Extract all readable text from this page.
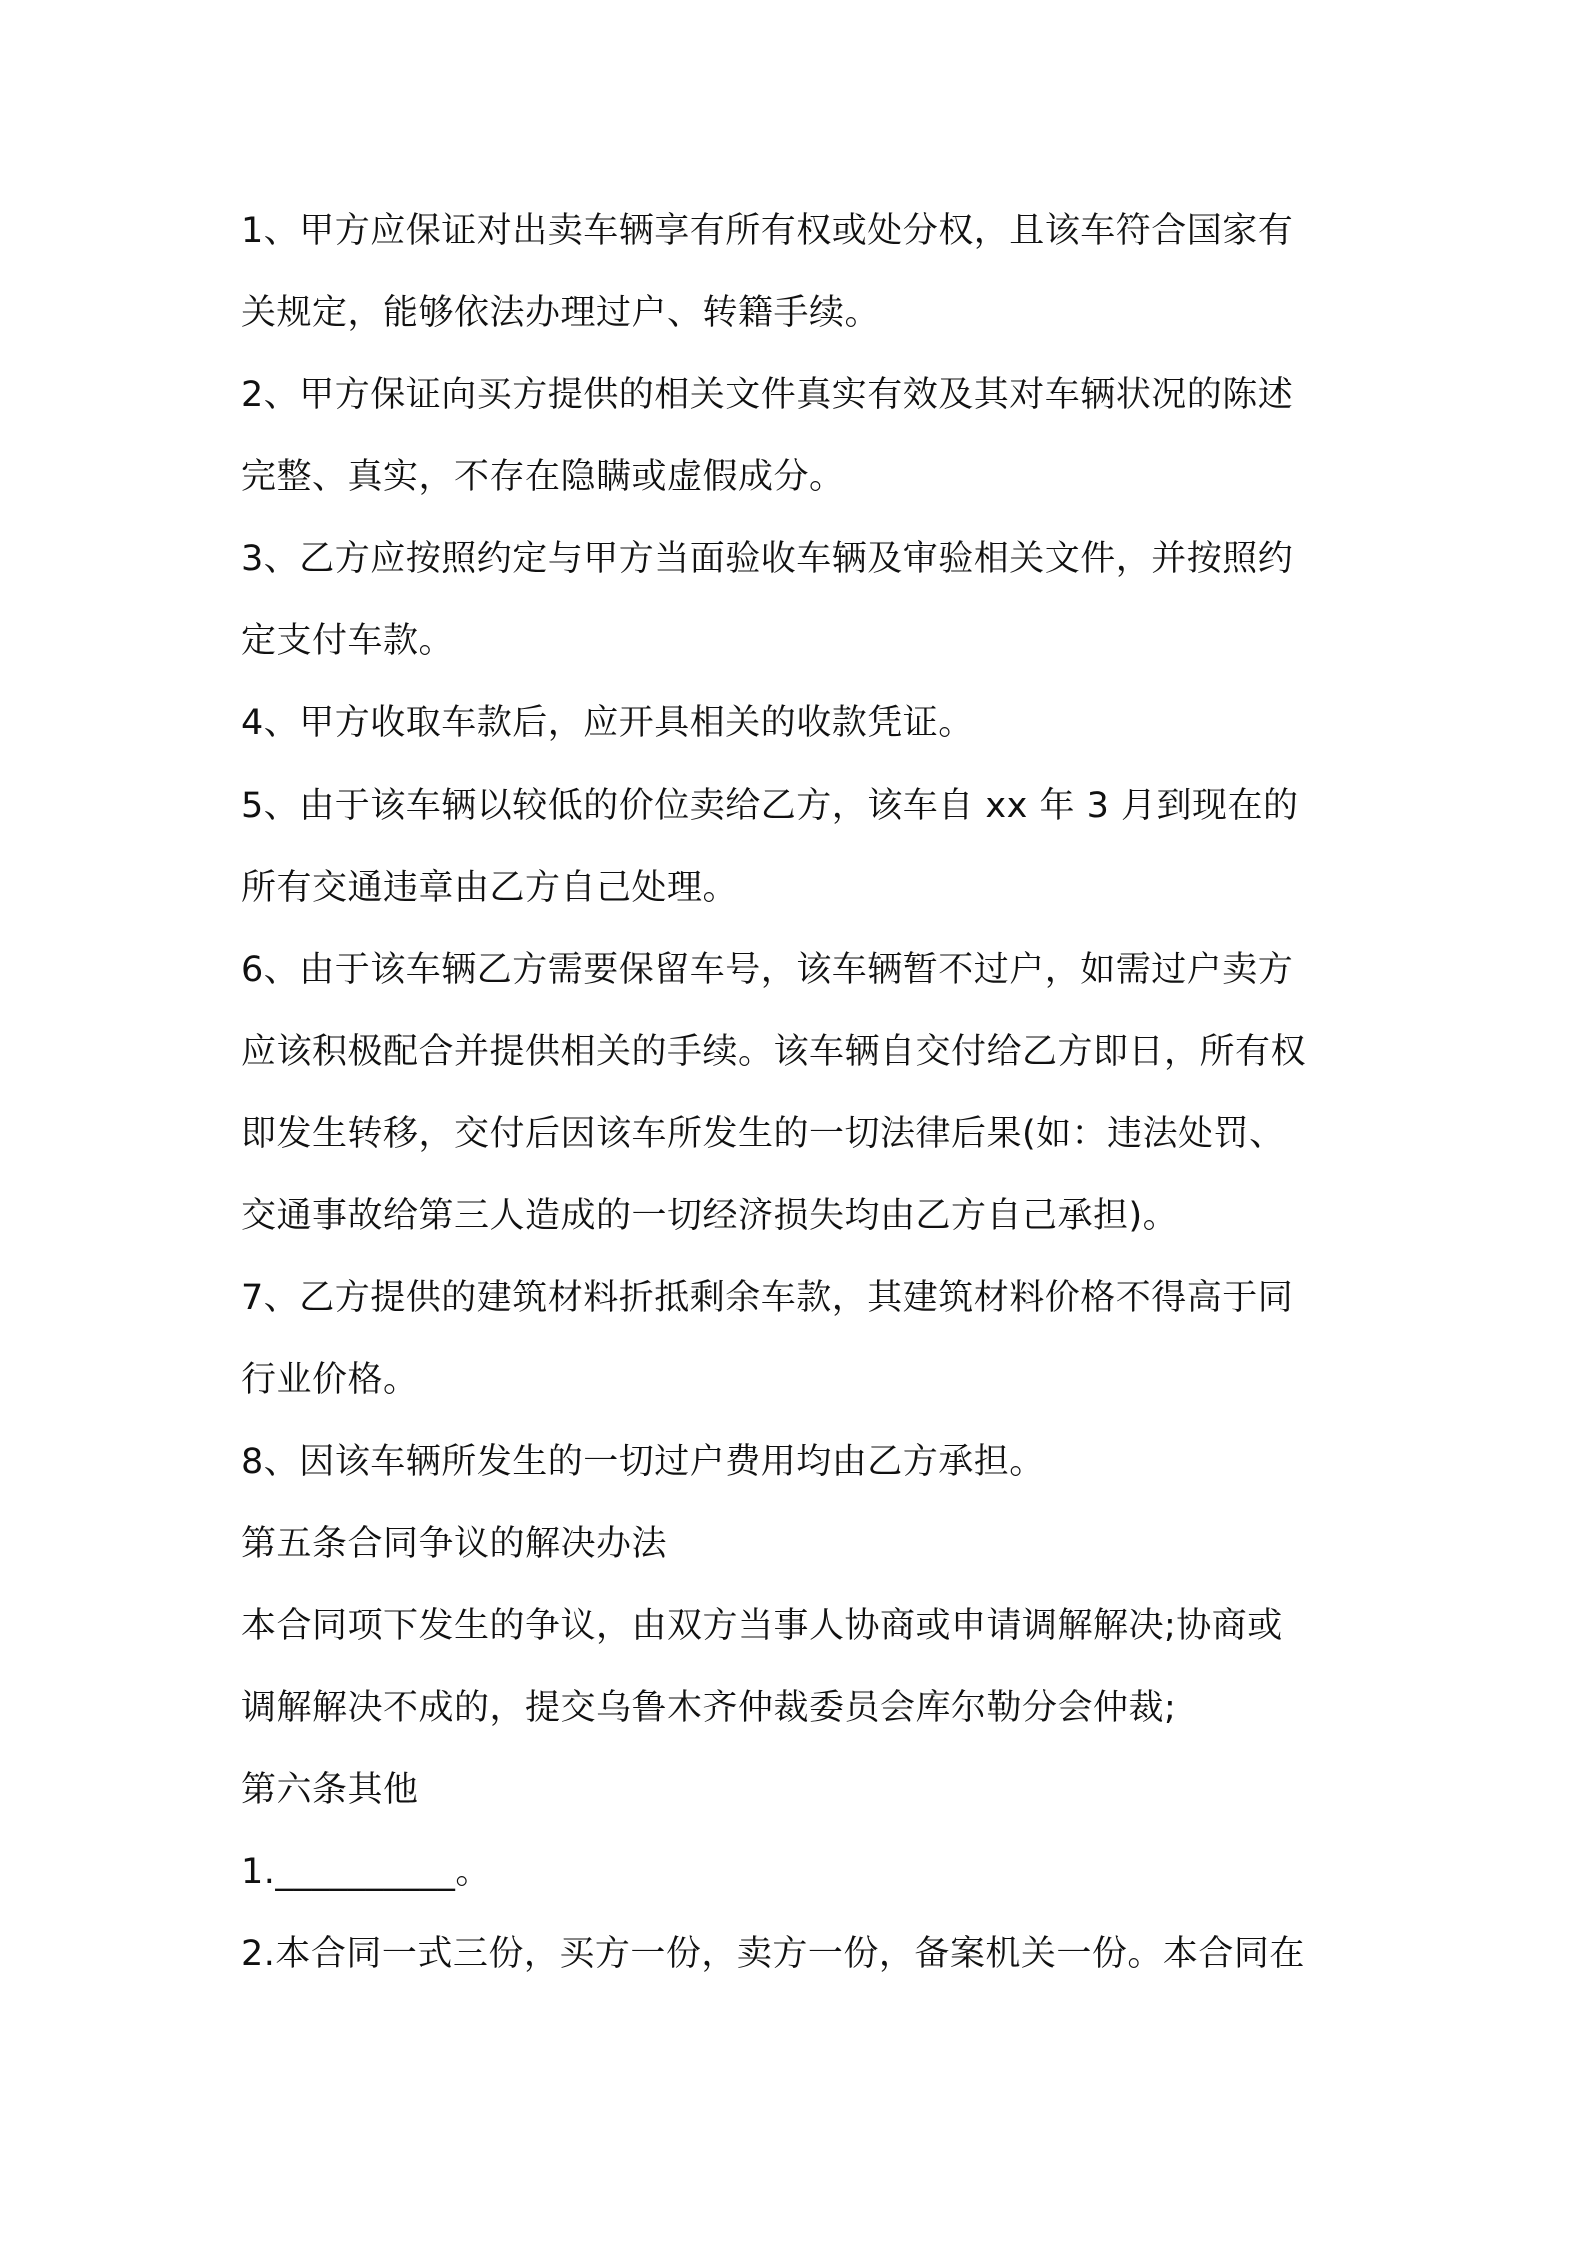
1、甲方应保证对出卖车辆享有所有权或处分权，且该车符合国家有
关规定，能够依法办理过户、转籍手续。
2、甲方保证向买方提供的相关文件真实有效及其对车辆状况的陈述
完整、真实，不存在隐瞒或虚假成分。
3、乙方应按照约定与甲方当面验收车辆及审验相关文件，并按照约
定支付车款。
4、甲方收取车款后，应开具相关的收款凭证。
5、由于该车辆以较低的价位卖给乙方，该车自 xx 年 3 月到现在的
所有交通违章由乙方自己处理。
6、由于该车辆乙方需要保留车号，该车辆暂不过户，如需过户卖方
应该积极配合并提供相关的手续。该车辆自交付给乙方即日，所有权
即发生转移，交付后因该车所发生的一切法律后果(如：违法处罚、
交通事故给第三人造成的一切经济损失均由乙方自己承担)。
7、乙方提供的建筑材料折抵剩余车款，其建筑材料价格不得高于同
行业价格。
8、因该车辆所发生的一切过户费用均由乙方承担。
第五条合同争议的解决办法
本合同项下发生的争议，由双方当事人协商或申请调解解决;协商或
调解解决不成的，提交乌鲁木齐仲裁委员会库尔勒分会仲裁;
第六条其他
1.__________。
2.本合同一式三份，买方一份，卖方一份，备案机关一份。本合同在
